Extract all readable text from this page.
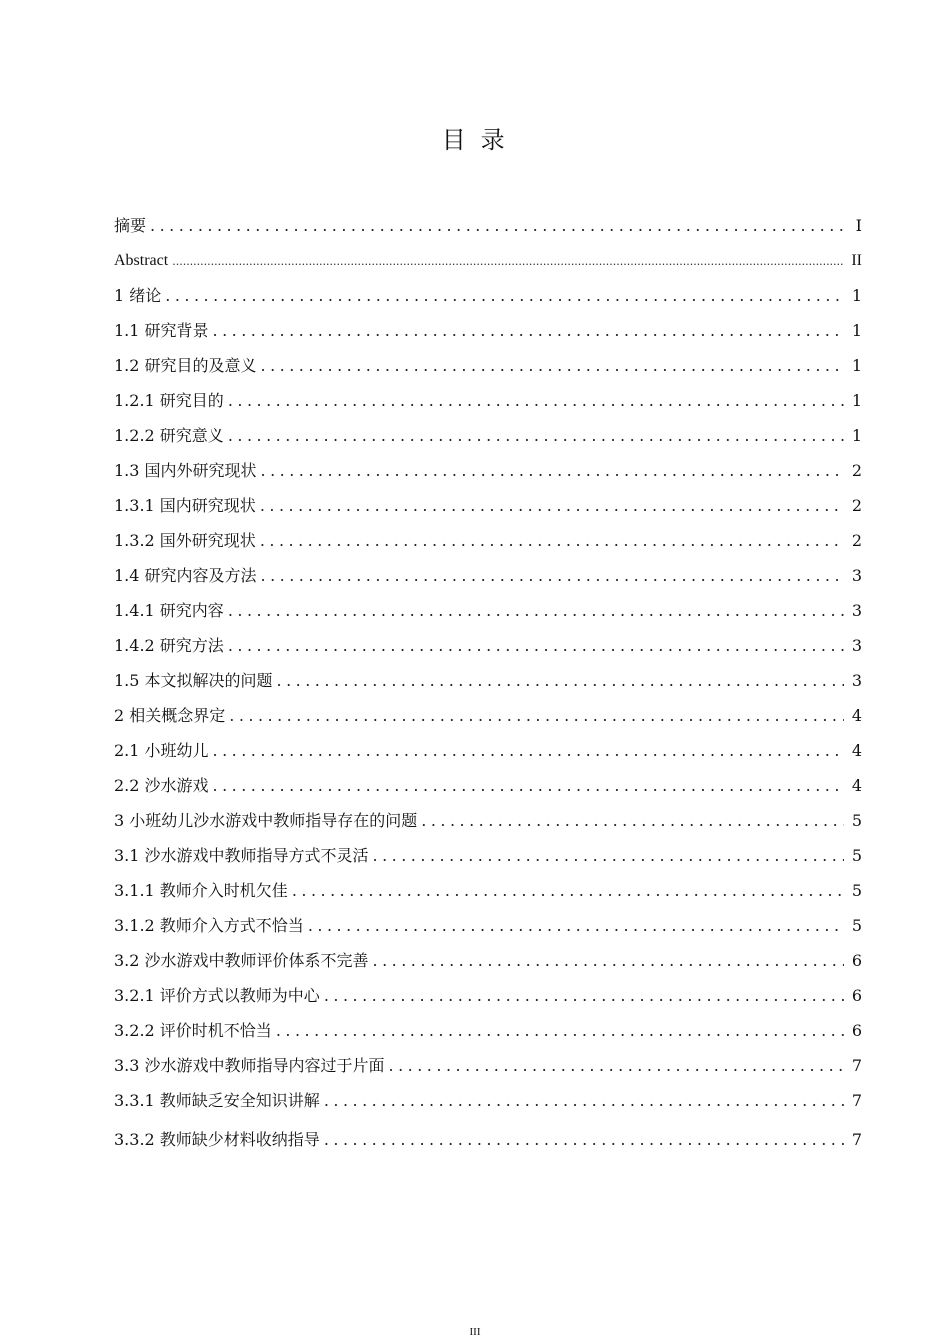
目 录
摘要 .....	I
Abstract .....	II
1 绪论 .....	1
1.1 研究背景 .....	1
1.2 研究目的及意义 .....	1
1.2.1 研究目的 .....	1
1.2.2 研究意义 .....	1
1.3 国内外研究现状 .....	2
1.3.1 国内研究现状 .....	2
1.3.2 国外研究现状 .....	2
1.4 研究内容及方法 .....	3
1.4.1 研究内容 .....	3
1.4.2 研究方法 .....	3
1.5 本文拟解决的问题 .....	3
2 相关概念界定 .....	4
2.1 小班幼儿 .....	4
2.2 沙水游戏 .....	4
3 小班幼儿沙水游戏中教师指导存在的问题 .....	5
3.1 沙水游戏中教师指导方式不灵活 .....	5
3.1.1 教师介入时机欠佳 .....	5
3.1.2 教师介入方式不恰当 .....	5
3.2 沙水游戏中教师评价体系不完善 .....	6
3.2.1 评价方式以教师为中心 .....	6
3.2.2 评价时机不恰当 .....	6
3.3 沙水游戏中教师指导内容过于片面 .....	7
3.3.1 教师缺乏安全知识讲解 .....	7
3.3.2 教师缺少材料收纳指导 .....	7
III
